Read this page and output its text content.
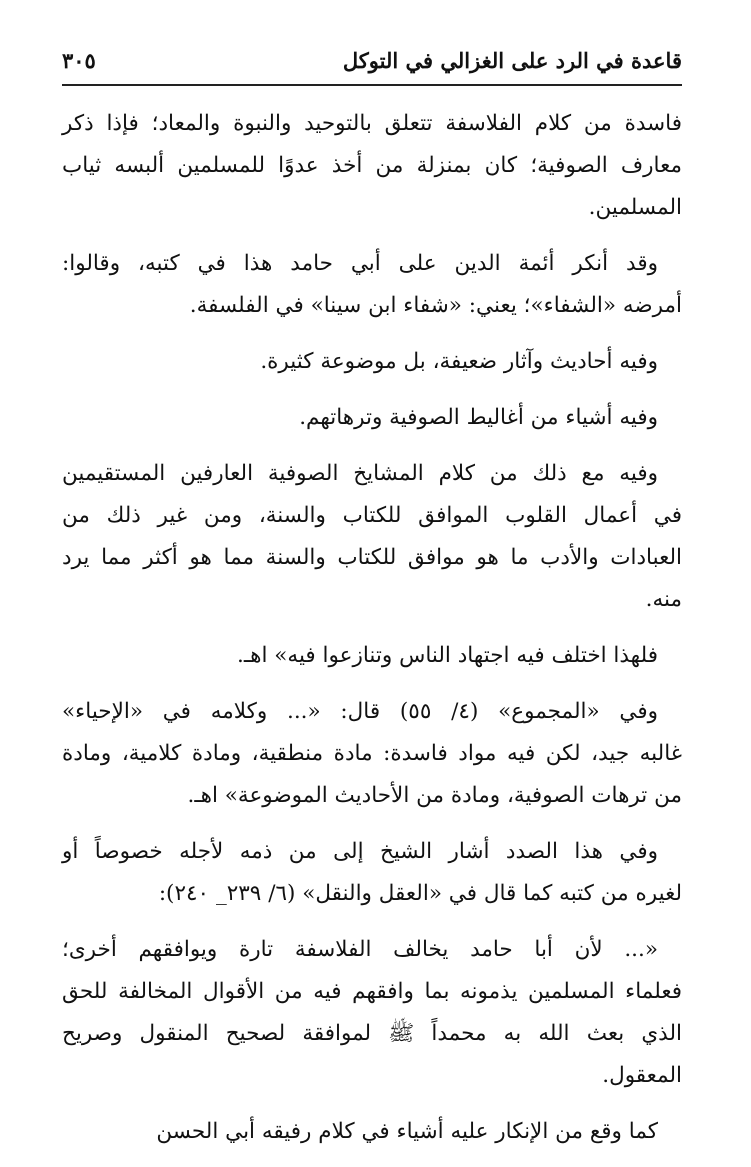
قاعدة في الرد على الغزالي في التوكل
٣٠٥

فاسدة من كلام الفلاسفة تتعلق بالتوحيد والنبوة والمعاد؛ فإذا ذكر
معارف الصوفية؛ كان بمنزلة من أخذ عدوًا للمسلمين ألبسه ثياب
المسلمين.

وقد أنكر أئمة الدين على أبي حامد هذا في كتبه، وقالوا:
أمرضه «الشفاء»؛ يعني: «شفاء ابن سينا» في الفلسفة.

وفيه أحاديث وآثار ضعيفة، بل موضوعة كثيرة.

وفيه أشياء من أغاليط الصوفية وترهاتهم.

وفيه مع ذلك من كلام المشايخ الصوفية العارفين المستقيمين
في أعمال القلوب الموافق للكتاب والسنة، ومن غير ذلك من
العبادات والأدب ما هو موافق للكتاب والسنة مما هو أكثر مما يرد
منه.

فلهذا اختلف فيه اجتهاد الناس وتنازعوا فيه» اهـ.

وفي «المجموع» (٤/ ٥٥) قال: «... وكلامه في «الإحياء»
غالبه جيد، لكن فيه مواد فاسدة: مادة منطقية، ومادة كلامية، ومادة
من ترهات الصوفية، ومادة من الأحاديث الموضوعة» اهـ.

وفي هذا الصدد أشار الشيخ إلى من ذمه لأجله خصوصاً أو
لغيره من كتبه كما قال في «العقل والنقل» (٦/ ٢٣٩_ ٢٤٠):

«... لأن أبا حامد يخالف الفلاسفة تارة ويوافقهم أخرى؛
فعلماء المسلمين يذمونه بما وافقهم فيه من الأقوال المخالفة للحق
الذي بعث الله به محمداً ﷺ لموافقة لصحيح المنقول وصريح
المعقول.

كما وقع من الإنكار عليه أشياء في كلام رفيقه أبي الحسن
